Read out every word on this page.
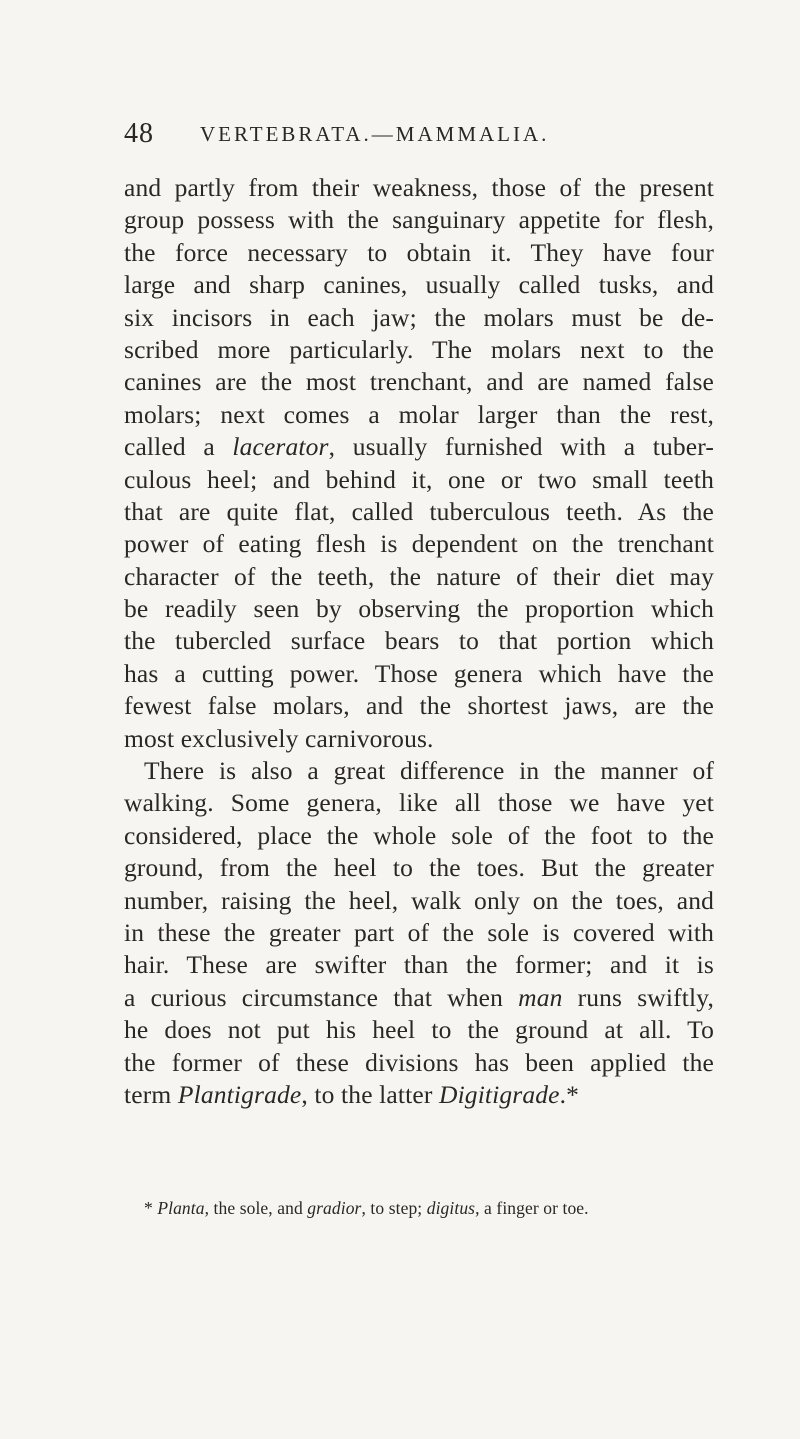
48 VERTEBRATA.—MAMMALIA.
and partly from their weakness, those of the present
group possess with the sanguinary appetite for flesh,
the force necessary to obtain it. They have four
large and sharp canines, usually called tusks, and
six incisors in each jaw; the molars must be de-
scribed more particularly. The molars next to the
canines are the most trenchant, and are named false
molars; next comes a molar larger than the rest,
called a lacerator, usually furnished with a tuber-
culous heel; and behind it, one or two small teeth
that are quite flat, called tuberculous teeth. As the
power of eating flesh is dependent on the trenchant
character of the teeth, the nature of their diet may
be readily seen by observing the proportion which
the tubercled surface bears to that portion which
has a cutting power. Those genera which have the
fewest false molars, and the shortest jaws, are the
most exclusively carnivorous.
There is also a great difference in the manner of
walking. Some genera, like all those we have yet
considered, place the whole sole of the foot to the
ground, from the heel to the toes. But the greater
number, raising the heel, walk only on the toes, and
in these the greater part of the sole is covered with
hair. These are swifter than the former; and it is
a curious circumstance that when man runs swiftly,
he does not put his heel to the ground at all. To
the former of these divisions has been applied the
term Plantigrade, to the latter Digitigrade.*
* Planta, the sole, and gradior, to step; digitus, a finger or toe.
